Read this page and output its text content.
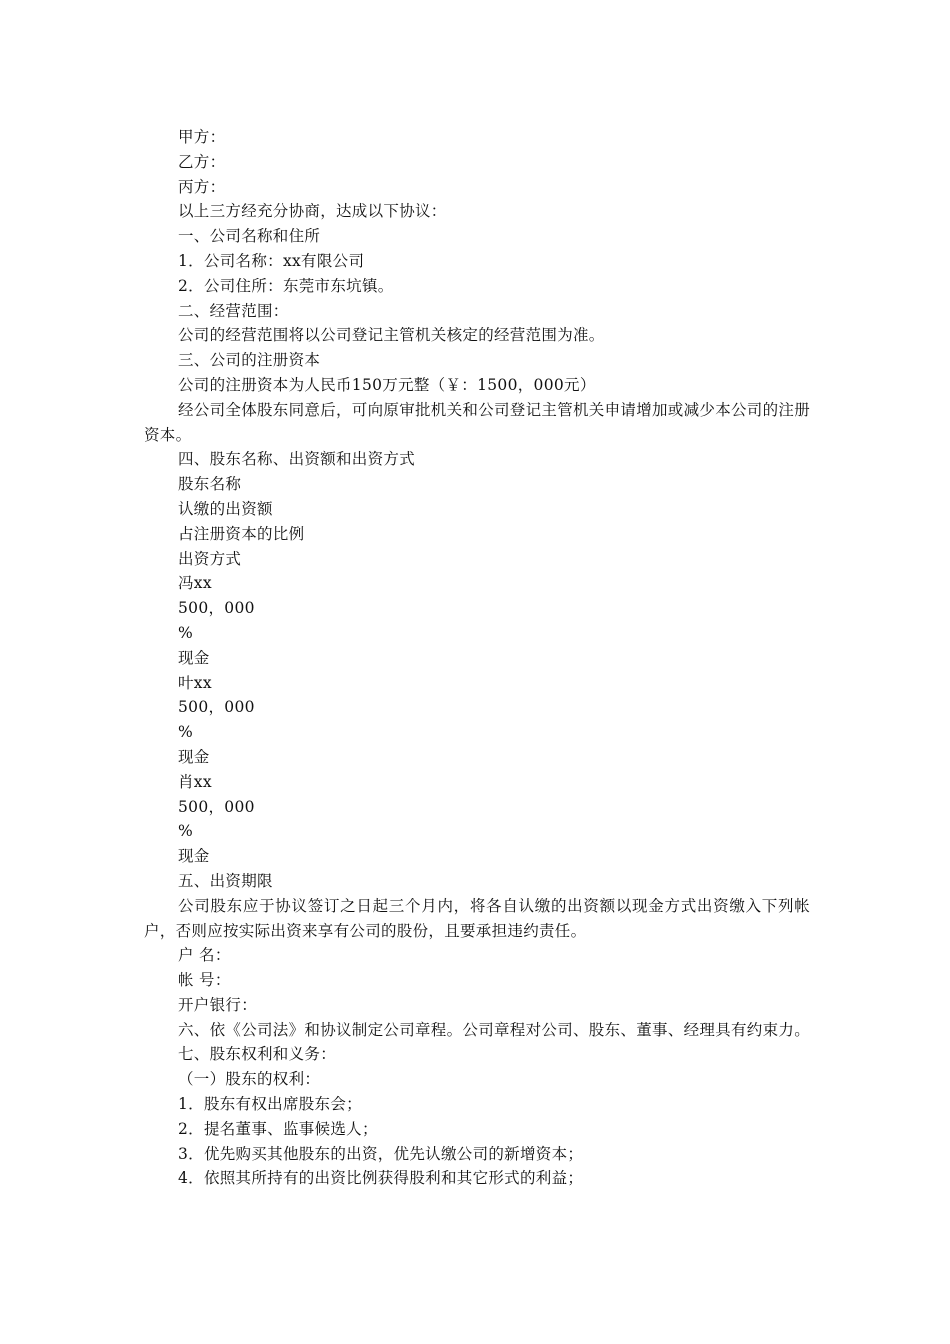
甲方：
乙方：
丙方：
以上三方经充分协商，达成以下协议：
一、公司名称和住所
1．公司名称：xx有限公司
2．公司住所：东莞市东坑镇。
二、经营范围：
公司的经营范围将以公司登记主管机关核定的经营范围为准。
三、公司的注册资本
公司的注册资本为人民币150万元整（￥：1500，000元）
经公司全体股东同意后，可向原审批机关和公司登记主管机关申请增加或减少本公司的注册资本。
四、股东名称、出资额和出资方式
股东名称
认缴的出资额
占注册资本的比例
出资方式
冯xx
500，000
%
现金
叶xx
500，000
%
现金
肖xx
500，000
%
现金
五、出资期限
公司股东应于协议签订之日起三个月内，将各自认缴的出资额以现金方式出资缴入下列帐户，否则应按实际出资来享有公司的股份，且要承担违约责任。
户 名：
帐 号：
开户银行：
六、依《公司法》和协议制定公司章程。公司章程对公司、股东、董事、经理具有约束力。
七、股东权利和义务：
（一）股东的权利：
1．股东有权出席股东会；
2．提名董事、监事候选人；
3．优先购买其他股东的出资，优先认缴公司的新增资本；
4．依照其所持有的出资比例获得股利和其它形式的利益；
